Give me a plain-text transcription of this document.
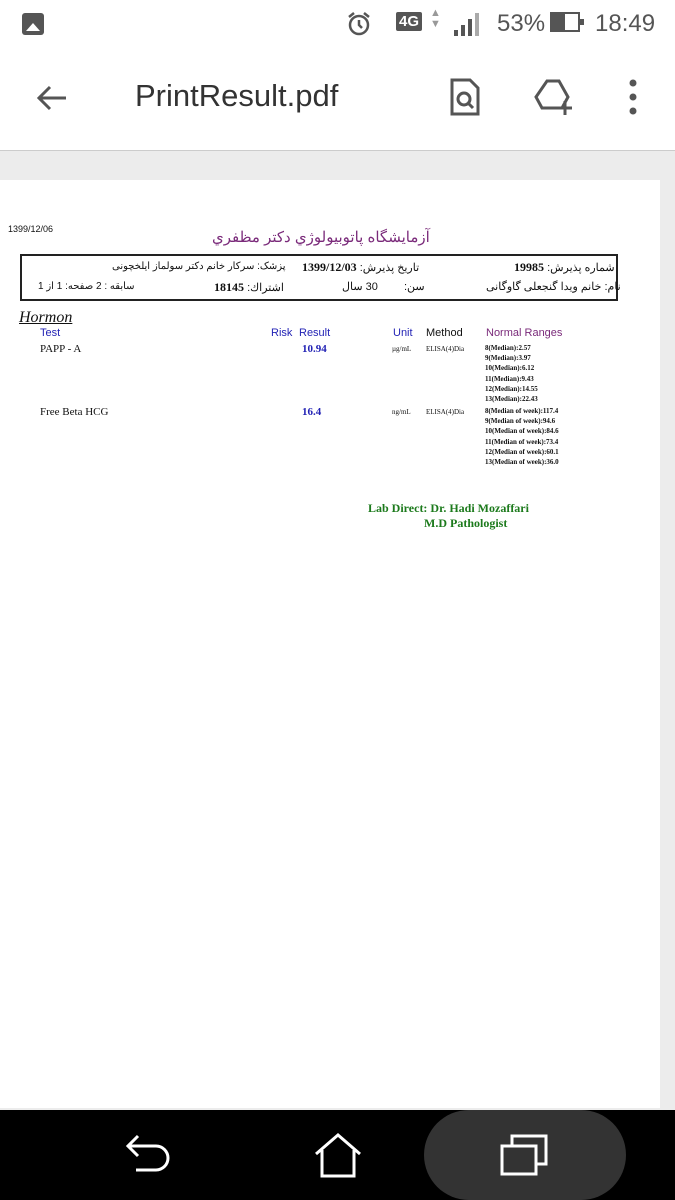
4G ▲
▼ 53% 18:49
PrintResult.pdf
1399/12/06	آزمايشگاه پاتوبيولوژي دكتر مظفري
شماره پذیرش: 19985
تاريخ پذيرش: 1399/12/03
پزشک: سرکار خانم دکتر سولماز ایلخچونی
نام: خانم ويدا گنجعلی گاوگانی
سن:  30 سال
اشتراك: 18145
سابقه : 2 صفحه: 1 از 1
Hormon
Test	Risk Result	Unit Method Normal Ranges
PAPP - A	10.94	µg/mL ELISA(4)Dia	8(Median):2.57
9(Median):3.97
10(Median):6.12
11(Median):9.43
12(Median):14.55
13(Median):22.43
Free Beta HCG	16.4	ng/mL ELISA(4)Dia	8(Median of week):117.4
9(Median of week):94.6
10(Median of week):84.6
11(Median of week):73.4
12(Median of week):60.1
13(Median of week):36.0
Lab Direct: Dr. Hadi Mozaffari
M.D Pathologist
